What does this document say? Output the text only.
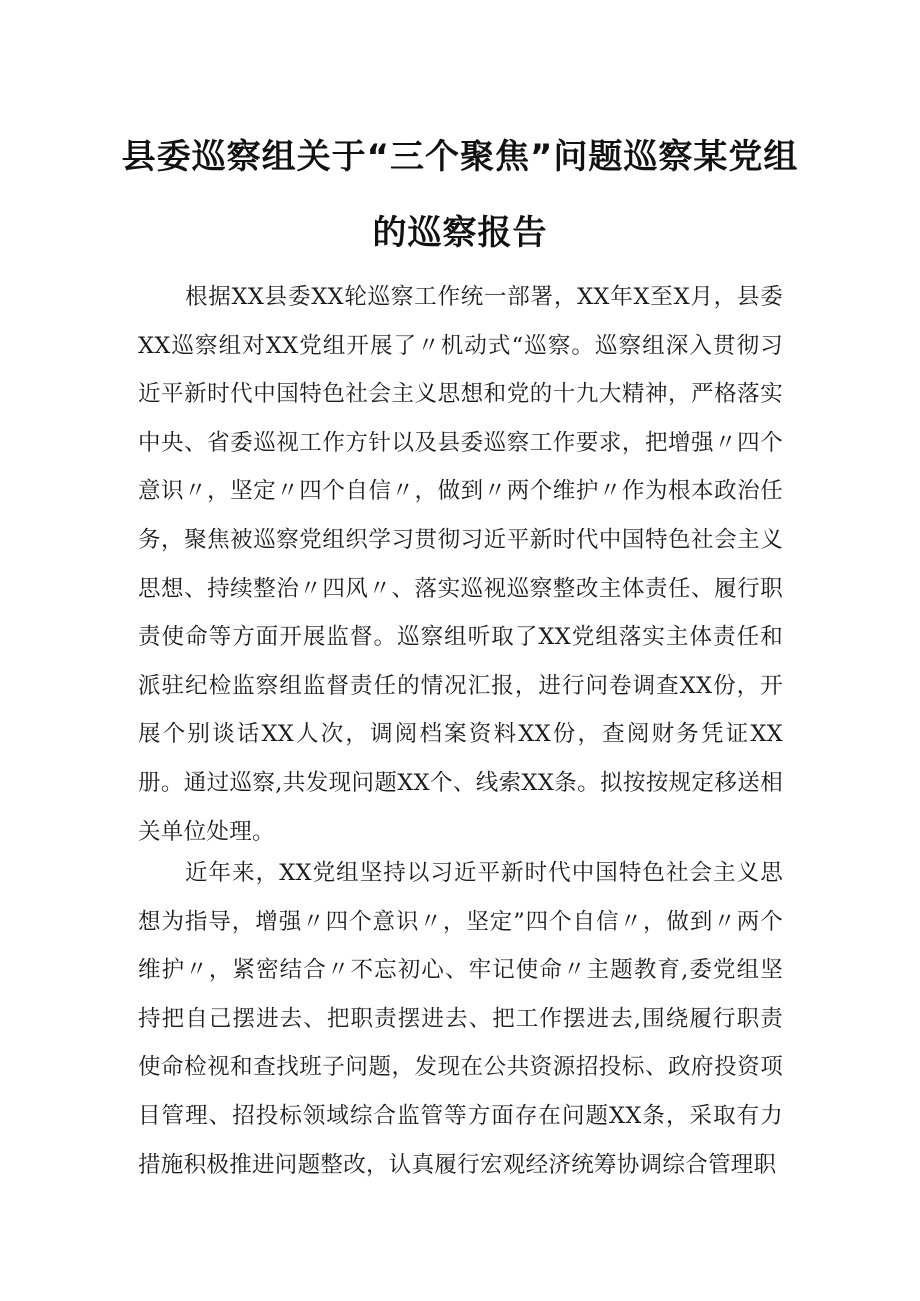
县委巡察组关于“三个聚焦”问题巡察某党组
的巡察报告

根据XX县委XX轮巡察工作统一部署，XX年X至X月，县委XX巡察组对XX党组开展了〃机动式“巡察。巡察组深入贯彻习近平新时代中国特色社会主义思想和党的十九大精神，严格落实中央、省委巡视工作方针以及县委巡察工作要求，把增强〃四个意识〃，坚定〃四个自信〃，做到〃两个维护〃作为根本政治任务，聚焦被巡察党组织学习贯彻习近平新时代中国特色社会主义思想、持续整治〃四风〃、落实巡视巡察整改主体责任、履行职责使命等方面开展监督。巡察组听取了XX党组落实主体责任和派驻纪检监察组监督责任的情况汇报，进行问卷调查XX份，开展个别谈话XX人次，调阅档案资料XX份，查阅财务凭证XX册。通过巡察,共发现问题XX个、线索XX条。拟按按规定移送相关单位处理。

近年来，XX党组坚持以习近平新时代中国特色社会主义思想为指导，增强〃四个意识〃，坚定”四个自信〃，做到〃两个维护〃，紧密结合〃不忘初心、牢记使命〃主题教育,委党组坚持把自己摆进去、把职责摆进去、把工作摆进去,围绕履行职责使命检视和查找班子问题，发现在公共资源招投标、政府投资项目管理、招投标领域综合监管等方面存在问题XX条，采取有力措施积极推进问题整改，认真履行宏观经济统筹协调综合管理职
